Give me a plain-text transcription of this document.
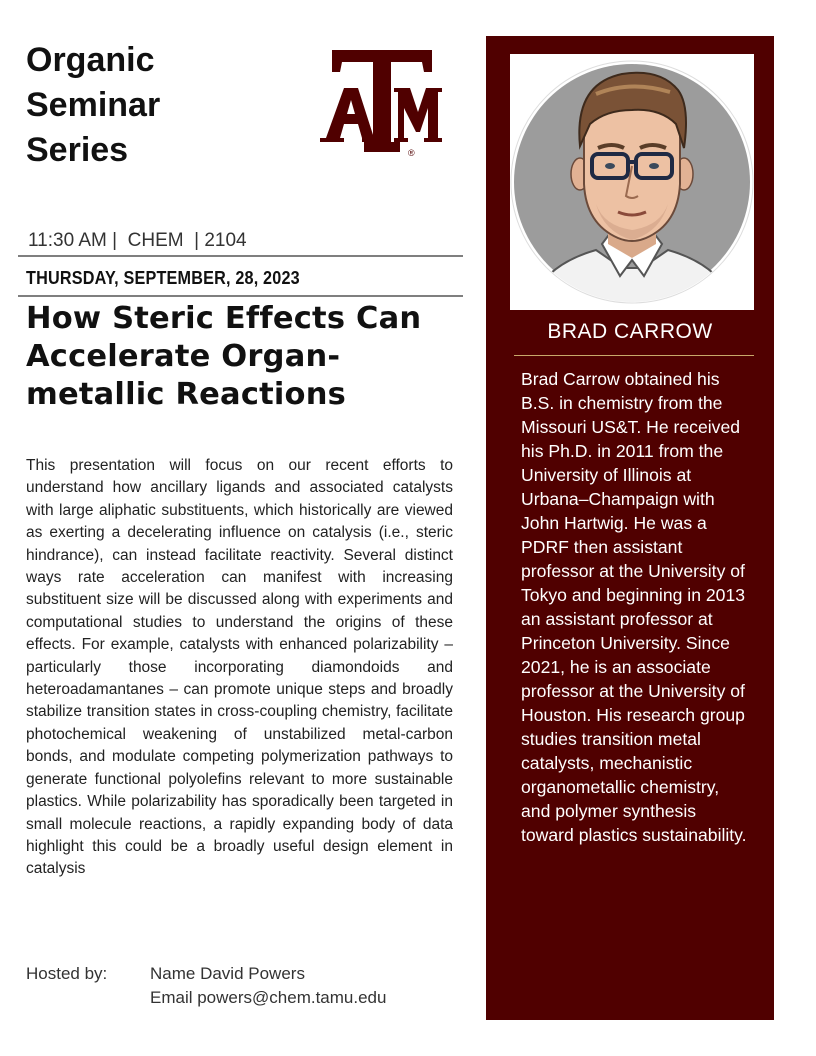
Organic
Seminar
Series	®
11:30 AM |  CHEM  | 2104
THURSDAY, SEPTEMBER, 28, 2023
How Steric Effects Can
Accelerate Organ-
metallic Reactions

This presentation will focus on our recent efforts to understand how ancillary ligands and associated catalysts with large aliphatic substituents, which historically are viewed as exerting a decelerating influence on catalysis (i.e., steric hindrance), can instead facilitate reactivity. Several distinct ways rate acceleration can manifest with increasing substituent size will be discussed along with experiments and computational studies to understand the origins of these effects. For example, catalysts with enhanced polarizability – particularly those incorporating diamondoids and heteroadamantanes – can promote unique steps and broadly stabilize transition states in cross-coupling chemistry, facilitate photochemical weakening of unstabilized metal-carbon bonds, and modulate competing polymerization pathways to generate functional polyolefins relevant to more sustainable plastics. While polarizability has sporadically been targeted in small molecule reactions, a rapidly expanding body of data highlight this could be a broadly useful design element in catalysis

Hosted by:	Name David Powers
Email powers@chem.tamu.edu
BRAD CARROW

Brad Carrow obtained his B.S. in chemistry from the Missouri US&T. He received his Ph.D. in 2011 from the University of Illinois at Urbana–Champaign with John Hartwig. He was a PDRF then assistant professor at the University of Tokyo and beginning in 2013 an assistant professor at Princeton University. Since 2021, he is an associate professor at the University of Houston. His research group studies transition metal catalysts, mechanistic organometallic chemistry, and polymer synthesis toward plastics sustainability.
